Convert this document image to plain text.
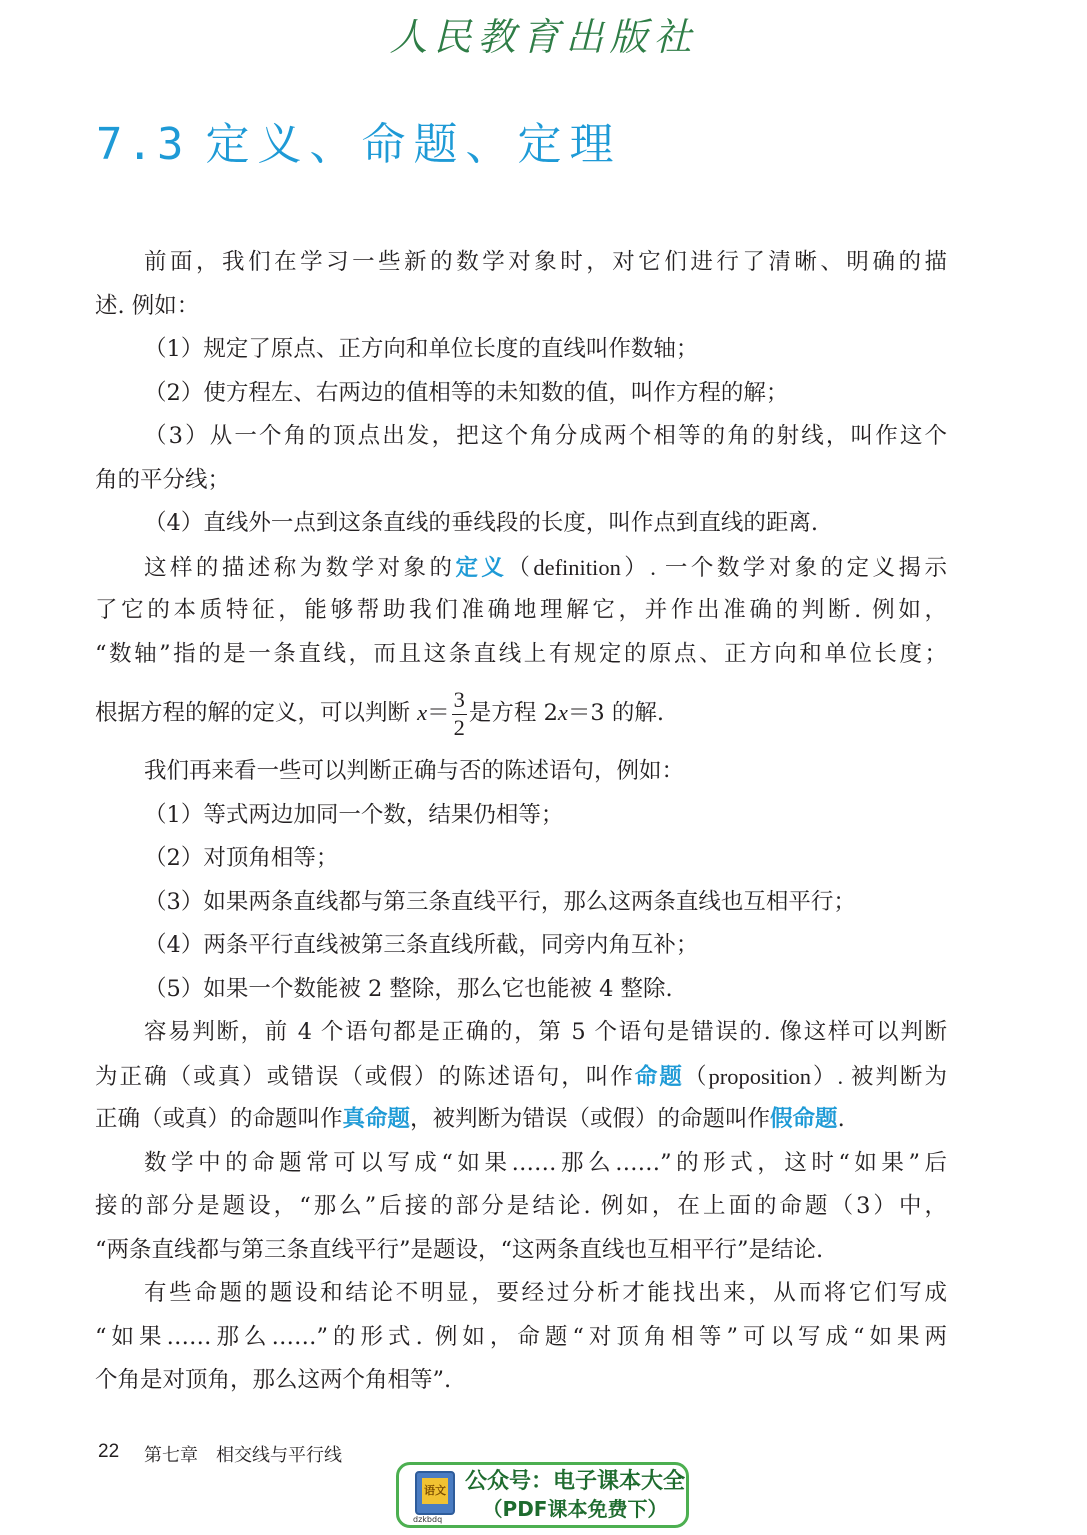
人民教育出版社
7.3 定义、命题、定理
前面，我们在学习一些新的数学对象时，对它们进行了清晰、明确的描
述. 例如：
（1）规定了原点、正方向和单位长度的直线叫作数轴；
（2）使方程左、右两边的值相等的未知数的值，叫作方程的解；
（3）从一个角的顶点出发，把这个角分成两个相等的角的射线，叫作这个
角的平分线；
（4）直线外一点到这条直线的垂线段的长度，叫作点到直线的距离.
这样的描述称为数学对象的定义（definition）. 一个数学对象的定义揭示
了它的本质特征，能够帮助我们准确地理解它，并作出准确的判断. 例如，
“数轴”指的是一条直线，而且这条直线上有规定的原点、正方向和单位长度；
根据方程的解的定义，可以判断 $x= \frac{3}{2}$ 是方程 2x＝3 的解.
我们再来看一些可以判断正确与否的陈述语句，例如：
（1）等式两边加同一个数，结果仍相等；
（2）对顶角相等；
（3）如果两条直线都与第三条直线平行，那么这两条直线也互相平行；
（4）两条平行直线被第三条直线所截，同旁内角互补；
（5）如果一个数能被 2 整除，那么它也能被 4 整除.
容易判断，前 4 个语句都是正确的，第 5 个语句是错误的. 像这样可以判断
为正确（或真）或错误（或假）的陈述语句，叫作命题（proposition）. 被判断为
正确（或真）的命题叫作真命题，被判断为错误（或假）的命题叫作假命题.
数学中的命题常可以写成“如果……那么……”的形式，这时“如果”后
接的部分是题设，“那么”后接的部分是结论. 例如，在上面的命题（3）中，
“两条直线都与第三条直线平行”是题设，“这两条直线也互相平行”是结论.
有些命题的题设和结论不明显，要经过分析才能找出来，从而将它们写成
“如果……那么……”的形式. 例如，命题“对顶角相等”可以写成“如果两
个角是对顶角，那么这两个角相等”.
22 第七章 相交线与平行线
语文
dzkbdq
公众号：电子课本大全
（PDF课本免费下）
